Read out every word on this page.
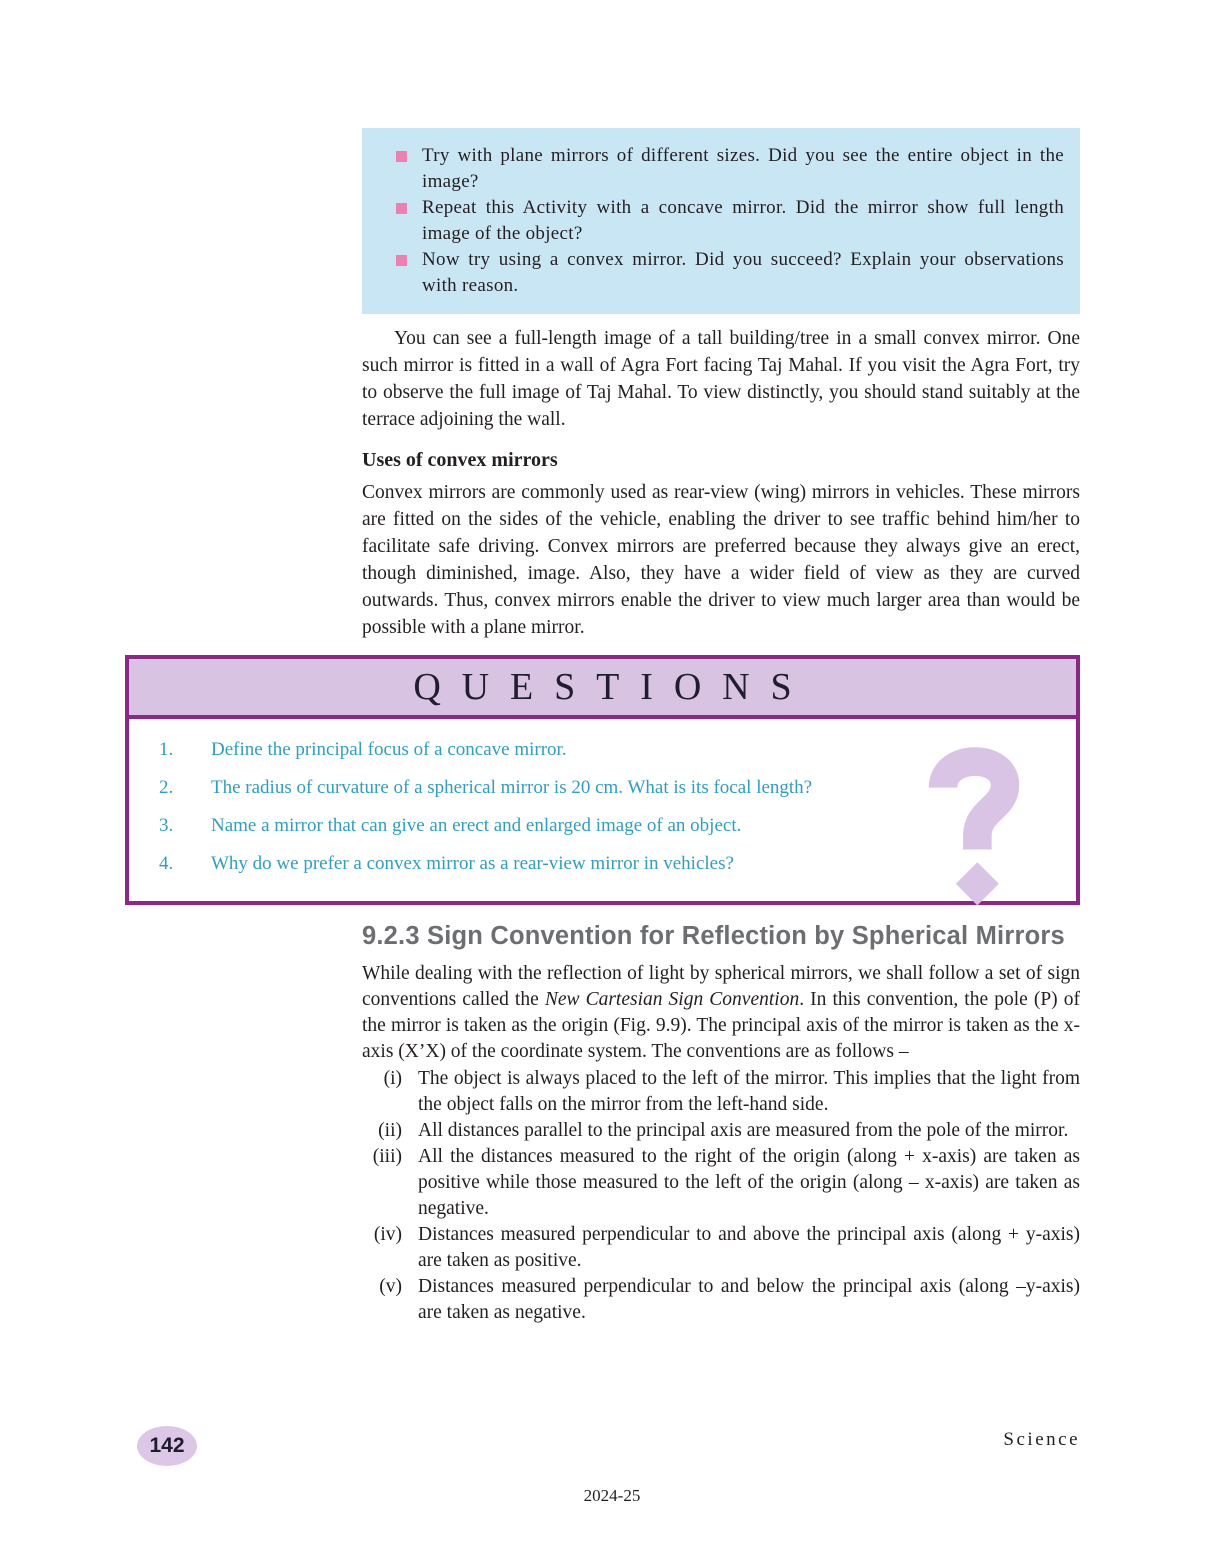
Try with plane mirrors of different sizes. Did you see the entire object in the image?
Repeat this Activity with a concave mirror. Did the mirror show full length image of the object?
Now try using a convex mirror. Did you succeed? Explain your observations with reason.

You can see a full-length image of a tall building/tree in a small convex mirror. One such mirror is fitted in a wall of Agra Fort facing Taj Mahal. If you visit the Agra Fort, try to observe the full image of Taj Mahal. To view distinctly, you should stand suitably at the terrace adjoining the wall.

Uses of convex mirrors

Convex mirrors are commonly used as rear-view (wing) mirrors in vehicles. These mirrors are fitted on the sides of the vehicle, enabling the driver to see traffic behind him/her to facilitate safe driving. Convex mirrors are preferred because they always give an erect, though diminished, image. Also, they have a wider field of view as they are curved outwards. Thus, convex mirrors enable the driver to view much larger area than would be possible with a plane mirror.

QUESTIONS
1.	Define the principal focus of a concave mirror.
2.	The radius of curvature of a spherical mirror is 20 cm. What is its focal length?
3.	Name a mirror that can give an erect and enlarged image of an object.
4.	Why do we prefer a convex mirror as a rear-view mirror in vehicles?
9.2.3 Sign Convention for Reflection by Spherical Mirrors

While dealing with the reflection of light by spherical mirrors, we shall follow a set of sign conventions called the New Cartesian Sign Convention. In this convention, the pole (P) of the mirror is taken as the origin (Fig. 9.9). The principal axis of the mirror is taken as the x-axis (X’X) of the coordinate system. The conventions are as follows –

(i) The object is always placed to the left of the mirror. This implies that the light from the object falls on the mirror from the left-hand side.
(ii) All distances parallel to the principal axis are measured from the pole of the mirror.
(iii) All the distances measured to the right of the origin (along + x-axis) are taken as positive while those measured to the left of the origin (along – x-axis) are taken as negative.
(iv) Distances measured perpendicular to and above the principal axis (along + y-axis) are taken as positive.
(v) Distances measured perpendicular to and below the principal axis (along –y-axis) are taken as negative.
142	Science
2024-25
